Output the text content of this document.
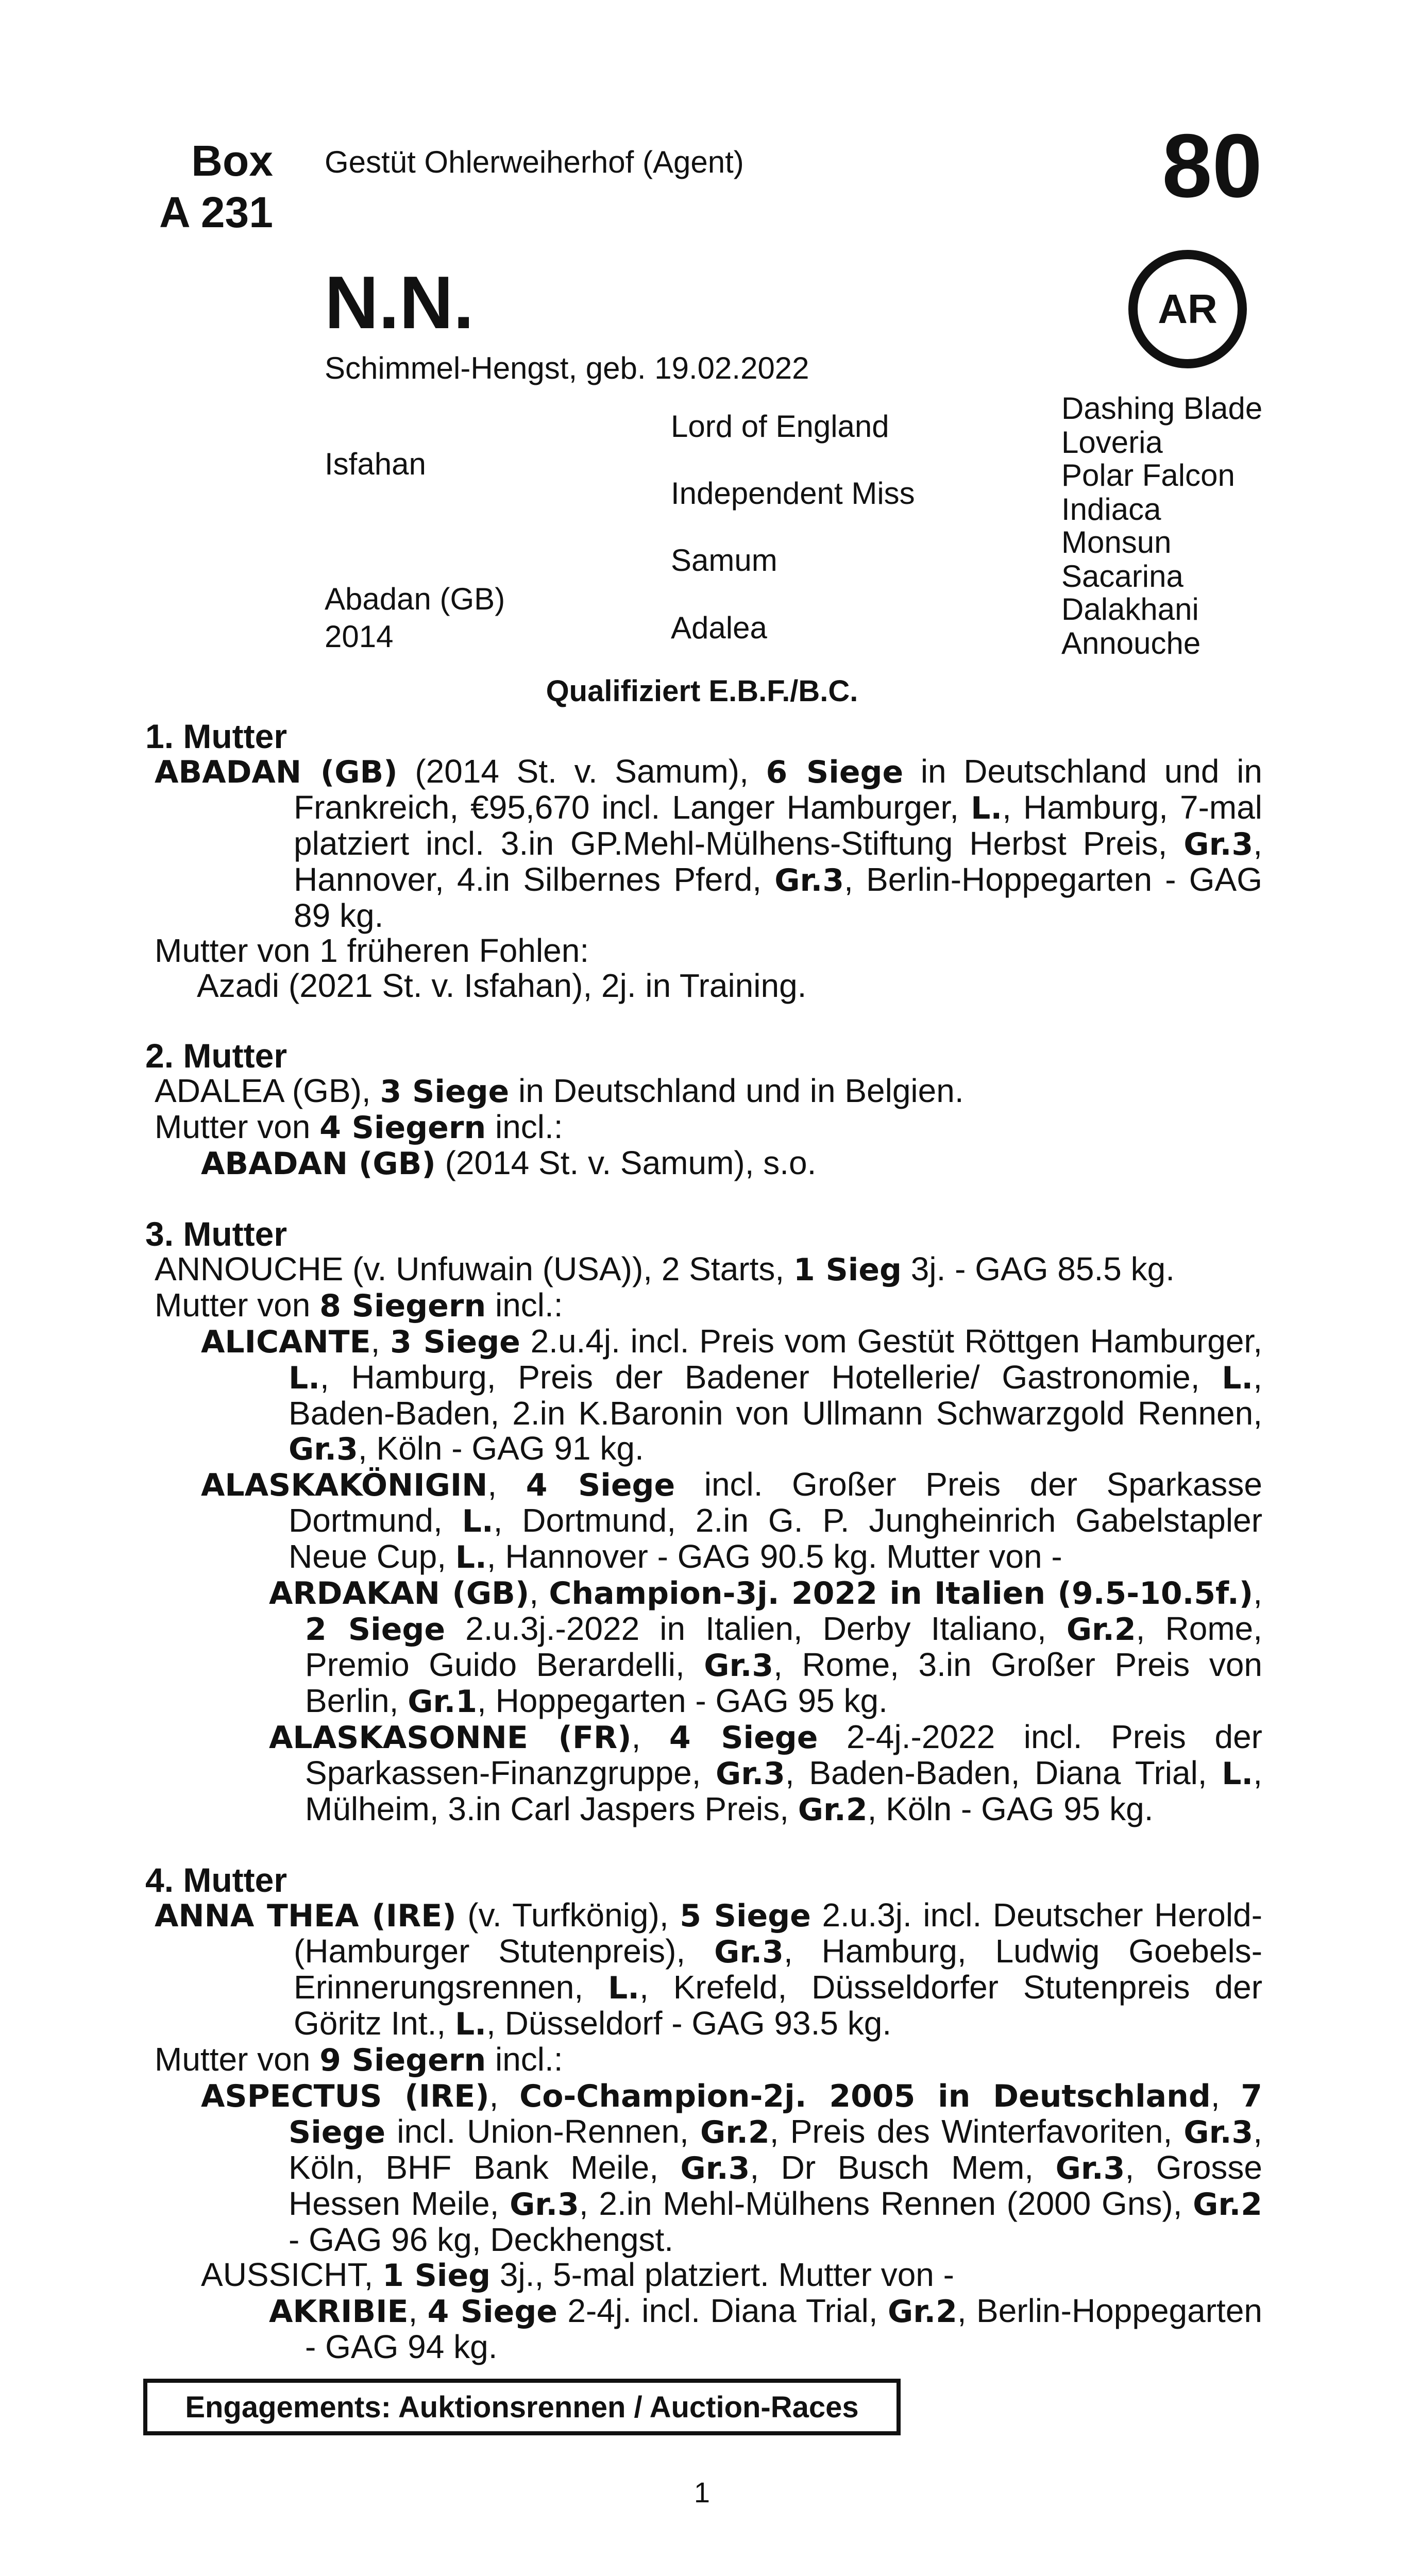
Box
A 231
Gestüt Ohlerweiherhof (Agent)	80
AR
N.N.
Schimmel-Hengst, geb. 19.02.2022
Isfahan
Abadan (GB)
2014
Lord of England
Independent Miss
Samum
Adalea
Dashing Blade
Loveria
Polar Falcon
Indiaca
Monsun
Sacarina
Dalakhani
Annouche
Qualifiziert E.B.F./B.C.

1. Mutter

ABADAN (GB) (2014 St. v. Samum), 6 Siege in Deutschland und in Frankreich, €95,670 incl. Langer Hamburger, L., Hamburg, 7-mal platziert incl. 3.in GP.Mehl-Mülhens-Stiftung Herbst Preis, Gr.3, Hannover, 4.in Silbernes Pferd, Gr.3, Berlin-Hoppegarten - GAG 89 kg.

Mutter von 1 früheren Fohlen:

Azadi (2021 St. v. Isfahan), 2j. in Training.

2. Mutter

ADALEA (GB), 3 Siege in Deutschland und in Belgien.

Mutter von 4 Siegern incl.:

ABADAN (GB) (2014 St. v. Samum), s.o.

3. Mutter

ANNOUCHE (v. Unfuwain (USA)), 2 Starts, 1 Sieg 3j. - GAG 85.5 kg.

Mutter von 8 Siegern incl.:

ALICANTE, 3 Siege 2.u.4j. incl. Preis vom Gestüt Röttgen Hamburger, L., Hamburg, Preis der Badener Hotellerie/ Gastronomie, L., Baden-Baden, 2.in K.Baronin von Ullmann Schwarzgold Rennen, Gr.3, Köln - GAG 91 kg.

ALASKAKÖNIGIN, 4 Siege incl. Großer Preis der Sparkasse Dortmund, L., Dortmund, 2.in G. P. Jungheinrich Gabelstapler Neue Cup, L., Hannover - GAG 90.5 kg. Mutter von -

ARDAKAN (GB), Champion-3j. 2022 in Italien (9.5-10.5f.), 2 Siege 2.u.3j.-2022 in Italien, Derby Italiano, Gr.2, Rome, Premio Guido Berardelli, Gr.3, Rome, 3.in Großer Preis von Berlin, Gr.1, Hoppegarten - GAG 95 kg.

ALASKASONNE (FR), 4 Siege 2-4j.-2022 incl. Preis der Sparkassen-Finanzgruppe, Gr.3, Baden-Baden, Diana Trial, L., Mülheim, 3.in Carl Jaspers Preis, Gr.2, Köln - GAG 95 kg.

4. Mutter

ANNA THEA (IRE) (v. Turfkönig), 5 Siege 2.u.3j. incl. Deutscher Herold-(Hamburger Stutenpreis), Gr.3, Hamburg, Ludwig Goebels-Erinnerungsrennen, L., Krefeld, Düsseldorfer Stutenpreis der Göritz Int., L., Düsseldorf - GAG 93.5 kg.

Mutter von 9 Siegern incl.:

ASPECTUS (IRE), Co-Champion-2j. 2005 in Deutschland, 7 Siege incl. Union-Rennen, Gr.2, Preis des Winterfavoriten, Gr.3, Köln, BHF Bank Meile, Gr.3, Dr Busch Mem, Gr.3, Grosse Hessen Meile, Gr.3, 2.in Mehl-Mülhens Rennen (2000 Gns), Gr.2 - GAG 96 kg, Deckhengst.

AUSSICHT, 1 Sieg 3j., 5-mal platziert. Mutter von -

AKRIBIE, 4 Siege 2-4j. incl. Diana Trial, Gr.2, Berlin-Hoppegarten - GAG 94 kg.

Engagements: Auktionsrennen / Auction-Races
1
